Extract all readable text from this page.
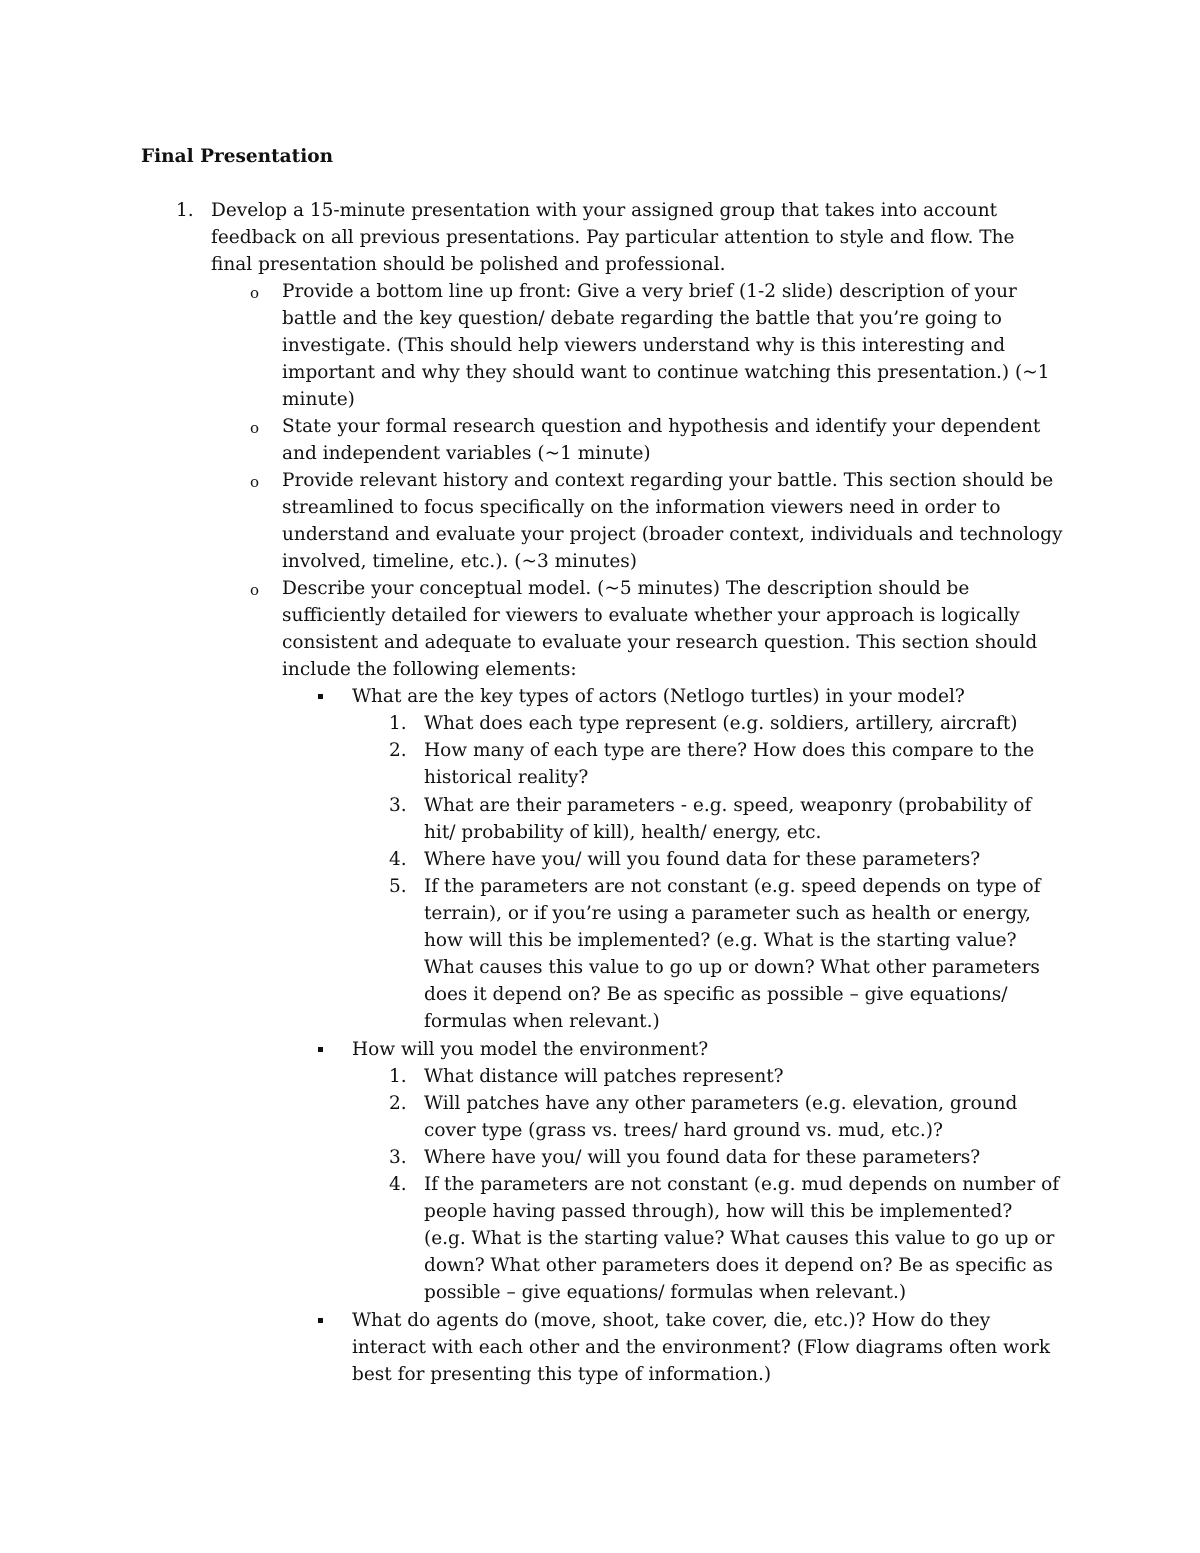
Final Presentation
1. Develop a 15-minute presentation with your assigned group that takes into account
feedback on all previous presentations. Pay particular attention to style and flow. The
final presentation should be polished and professional.
o Provide a bottom line up front: Give a very brief (1-2 slide) description of your
battle and the key question/ debate regarding the battle that you’re going to
investigate. (This should help viewers understand why is this interesting and
important and why they should want to continue watching this presentation.) (~1
minute)
o State your formal research question and hypothesis and identify your dependent
and independent variables (~1 minute)
o Provide relevant history and context regarding your battle. This section should be
streamlined to focus specifically on the information viewers need in order to
understand and evaluate your project (broader context, individuals and technology
involved, timeline, etc.). (~3 minutes)
o Describe your conceptual model. (~5 minutes) The description should be
sufficiently detailed for viewers to evaluate whether your approach is logically
consistent and adequate to evaluate your research question. This section should
include the following elements:
What are the key types of actors (Netlogo turtles) in your model?
1. What does each type represent (e.g. soldiers, artillery, aircraft)
2. How many of each type are there? How does this compare to the
historical reality?
3. What are their parameters - e.g. speed, weaponry (probability of
hit/ probability of kill), health/ energy, etc.
4. Where have you/ will you found data for these parameters?
5. If the parameters are not constant (e.g. speed depends on type of
terrain), or if you’re using a parameter such as health or energy,
how will this be implemented? (e.g. What is the starting value?
What causes this value to go up or down? What other parameters
does it depend on? Be as specific as possible – give equations/
formulas when relevant.)
How will you model the environment?
1. What distance will patches represent?
2. Will patches have any other parameters (e.g. elevation, ground
cover type (grass vs. trees/ hard ground vs. mud, etc.)?
3. Where have you/ will you found data for these parameters?
4. If the parameters are not constant (e.g. mud depends on number of
people having passed through), how will this be implemented?
(e.g. What is the starting value? What causes this value to go up or
down? What other parameters does it depend on? Be as specific as
possible – give equations/ formulas when relevant.)
What do agents do (move, shoot, take cover, die, etc.)? How do they
interact with each other and the environment? (Flow diagrams often work
best for presenting this type of information.)
